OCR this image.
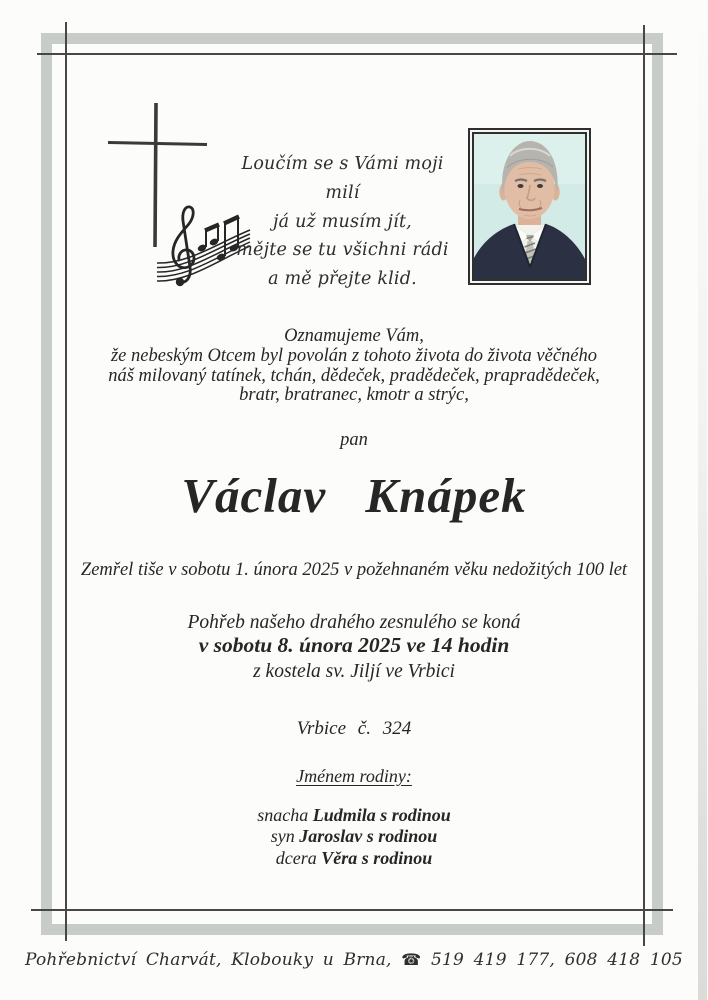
Loučím se s Vámi moji milí
já už musím jít,
mějte se tu všichni rádi
a mě přejte klid.
Oznamujeme Vám,
že nebeským Otcem byl povolán z tohoto života do života věčného
náš milovaný tatínek, tchán, dědeček, pradědeček, prapradědeček,
bratr, bratranec, kmotr a strýc,
pan
Václav Knápek
Zemřel tiše v sobotu 1. února 2025 v požehnaném věku nedožitých 100 let
Pohřeb našeho drahého zesnulého se koná
v sobotu 8. února 2025 ve 14 hodin
z kostela sv. Jiljí ve Vrbici
Vrbice č. 324
Jménem rodiny:
snacha Ludmila s rodinou
syn Jaroslav s rodinou
dcera Věra s rodinou
Pohřebnictví Charvát, Klobouky u Brna, ☎ 519 419 177, 608 418 105
